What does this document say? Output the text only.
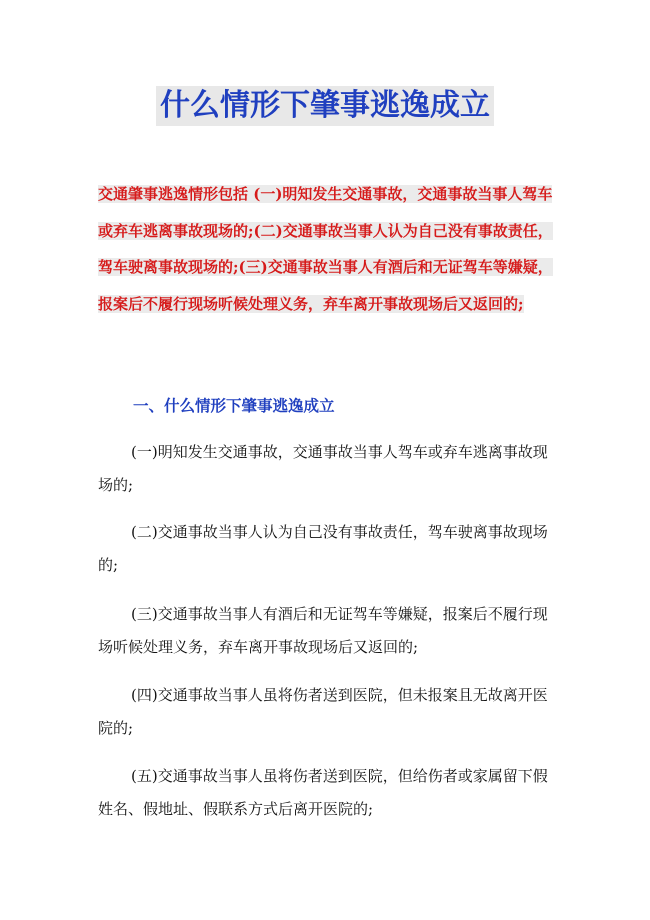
什么情形下肇事逃逸成立

交通肇事逃逸情形包括 (一)明知发生交通事故，交通事故当事人驾车或弃车逃离事故现场的;(二)交通事故当事人认为自己没有事故责任，驾车驶离事故现场的;(三)交通事故当事人有酒后和无证驾车等嫌疑，报案后不履行现场听候处理义务，弃车离开事故现场后又返回的;

一、什么情形下肇事逃逸成立

(一)明知发生交通事故，交通事故当事人驾车或弃车逃离事故现场的;

(二)交通事故当事人认为自己没有事故责任，驾车驶离事故现场的;

(三)交通事故当事人有酒后和无证驾车等嫌疑，报案后不履行现场听候处理义务，弃车离开事故现场后又返回的;

(四)交通事故当事人虽将伤者送到医院，但未报案且无故离开医院的;

(五)交通事故当事人虽将伤者送到医院，但给伤者或家属留下假姓名、假地址、假联系方式后离开医院的;
